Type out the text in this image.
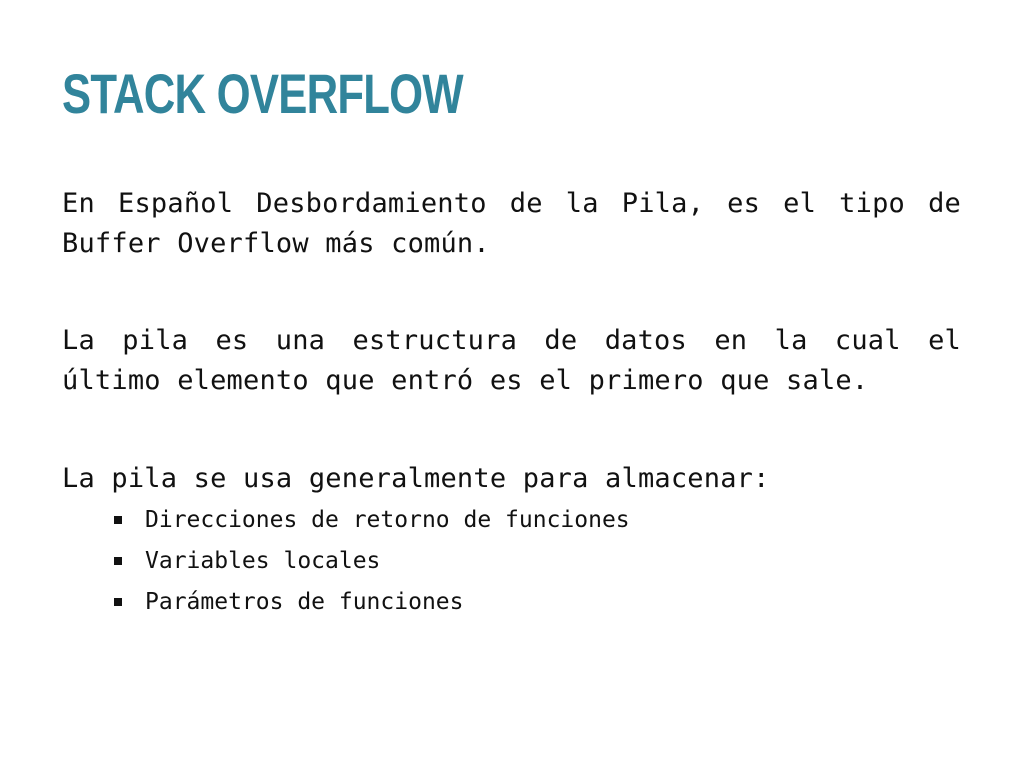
STACK OVERFLOW

En Español Desbordamiento de la Pila, es el tipo de Buffer Overflow más común.

La pila es una estructura de datos en la cual el último elemento que entró es el primero que sale.

La pila se usa generalmente para almacenar:

Direcciones de retorno de funciones
Variables locales
Parámetros de funciones
